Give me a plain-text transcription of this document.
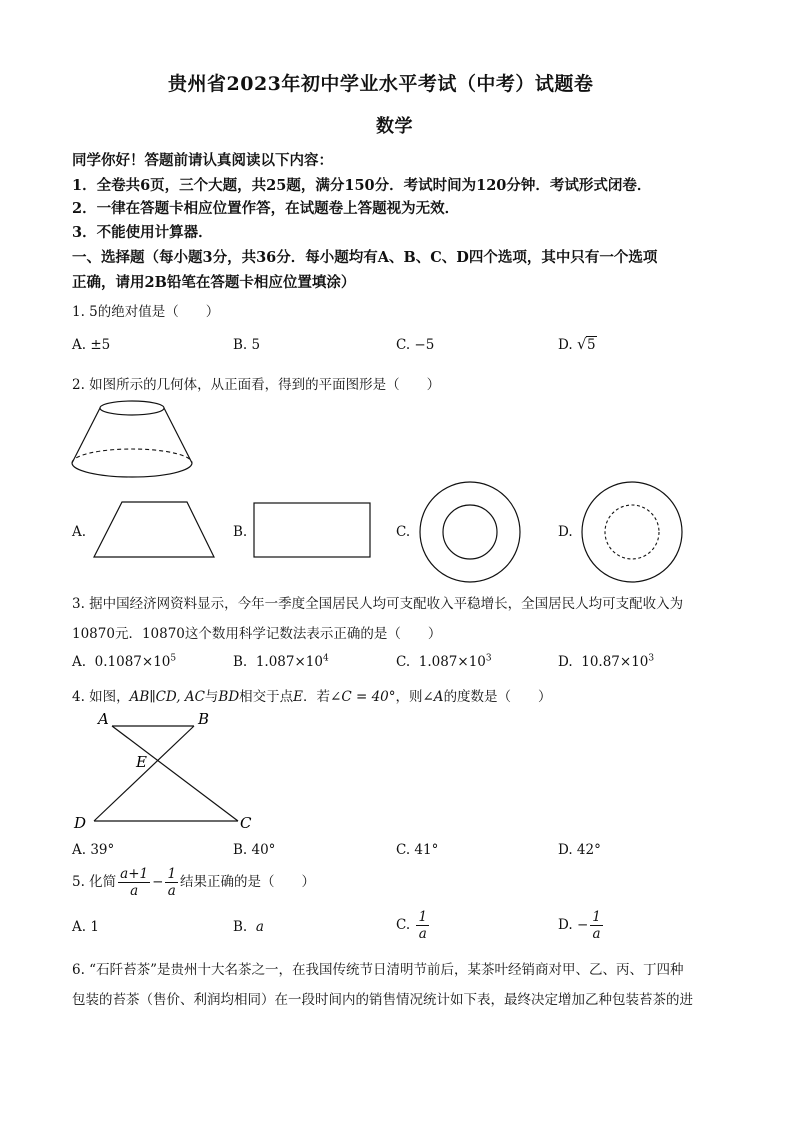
贵州省2023年初中学业水平考试（中考）试题卷
数学
同学你好！答题前请认真阅读以下内容：
1．全卷共6页，三个大题，共25题，满分150分．考试时间为120分钟．考试形式闭卷．
2．一律在答题卡相应位置作答，在试题卷上答题视为无效．
3．不能使用计算器．
一、选择题（每小题3分，共36分．每小题均有A、B、C、D四个选项，其中只有一个选项
正确，请用2B铅笔在答题卡相应位置填涂）
1. 5的绝对值是（　　）
A. ±5	B. 5	C. −5	D. √ 5
2. 如图所示的几何体，从正面看，得到的平面图形是（　　）
A.	B.	C.	D.
3. 据中国经济网资料显示，今年一季度全国居民人均可支配收入平稳增长，全国居民人均可支配收入为
10870元．10870这个数用科学记数法表示正确的是（　　）
A. $0.1087\times 10^5$	B. $1.087\times 10^4$	C. $1.087\times 10^3$	D. $10.87\times 10^3$
4. 如图，AB∥CD, AC与BD相交于点E．若∠C = 40°，则∠A的度数是（　　）
A	B
E
D	C
A. 39°	B. 40°	C. 41°	D. 42°
5. 化简 $\frac{a+1}{a} - \frac{1}{a}$ 结果正确的是（　　）
A. 1	B. a	C. $\frac{1}{a}$	D. − $\frac{1}{a}$
6. “石阡苔茶”是贵州十大名茶之一，在我国传统节日清明节前后，某茶叶经销商对甲、乙、丙、丁四种
包装的苔茶（售价、利润均相同）在一段时间内的销售情况统计如下表，最终决定增加乙种包装苔茶的进
